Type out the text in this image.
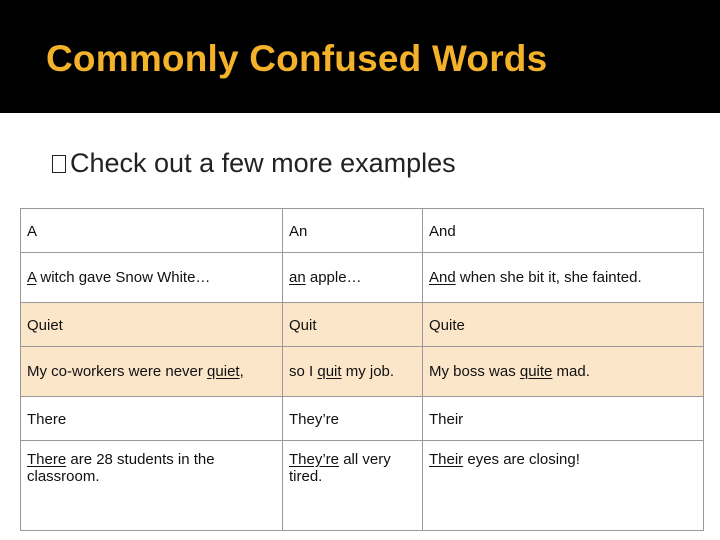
Commonly Confused Words
Check out a few more examples
A	An	And
A witch gave Snow White…	an apple…	And when she bit it, she fainted.
Quiet	Quit	Quite
My co-workers were never quiet,	so I quit my job.	My boss was quite mad.
There	They’re	Their
There are 28 students in the classroom.	They’re all very tired.	Their eyes are closing!
